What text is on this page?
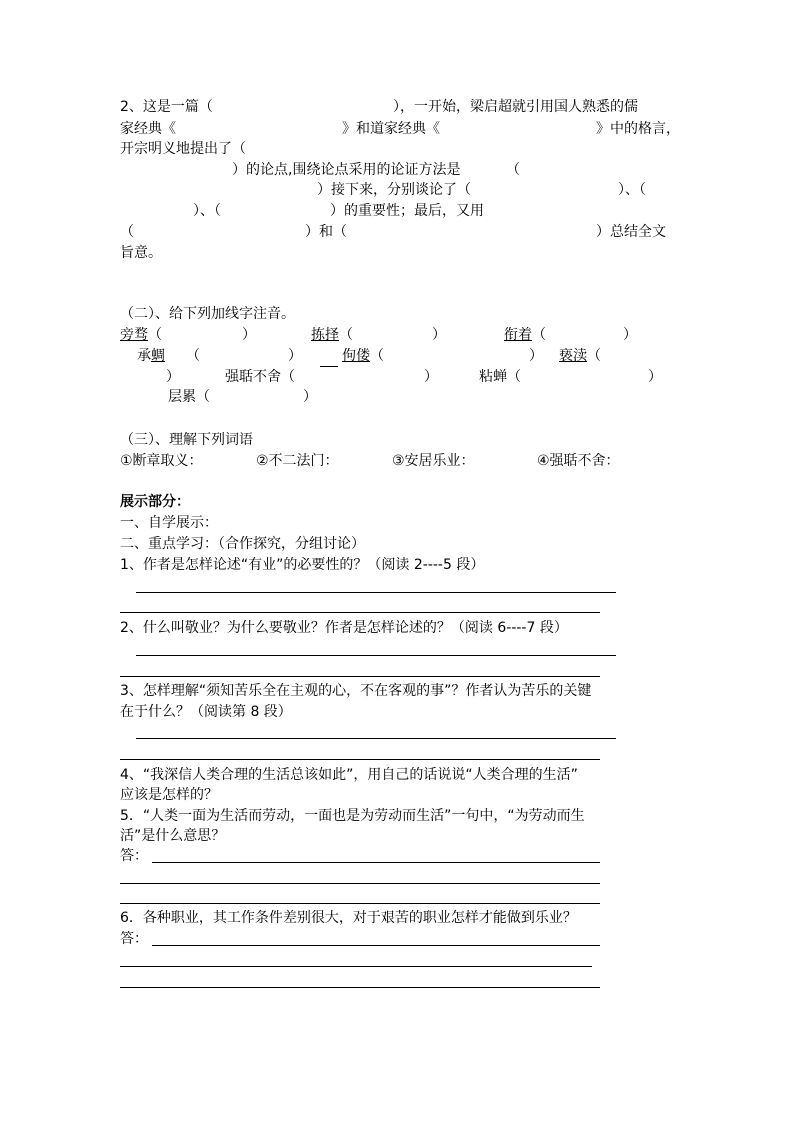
2、这是一篇（	），一开始，梁启超就引用国人熟悉的儒
家经典《	》和道家经典《	》中的格言，
开宗明义地提出了（
）的论点,围绕论点采用的论证方法是	（
）接下来，分别谈论了（	）、（
）、（	）的重要性；最后，又用
（	）和（	）总结全文
旨意。
（二）、给下列加线字注音。
旁骛（	）	拣择（	）	衔着（	）
承蜩 （	）	佝偻（	） 亵渎（
）	强聒不舍（	）	粘蝉（	）
层累（	）
（三）、理解下列词语
①断章取义：	②不二法门：	③安居乐业：	④强聒不舍：
展示部分：
一、自学展示：
二、重点学习：（合作探究，分组讨论）
1、作者是怎样论述“有业”的必要性的？（阅读 2----5 段）
2、什么叫敬业？为什么要敬业？作者是怎样论述的？（阅读 6----7 段）
3、怎样理解“须知苦乐全在主观的心，不在客观的事”？作者认为苦乐的关键
在于什么？（阅读第 8 段）
4、“我深信人类合理的生活总该如此”，用自己的话说说“人类合理的生活”
应该是怎样的？
5．“人类一面为生活而劳动，一面也是为劳动而生活”一句中，“为劳动而生
活”是什么意思？
答：
6．各种职业，其工作条件差别很大，对于艰苦的职业怎样才能做到乐业？
答：
